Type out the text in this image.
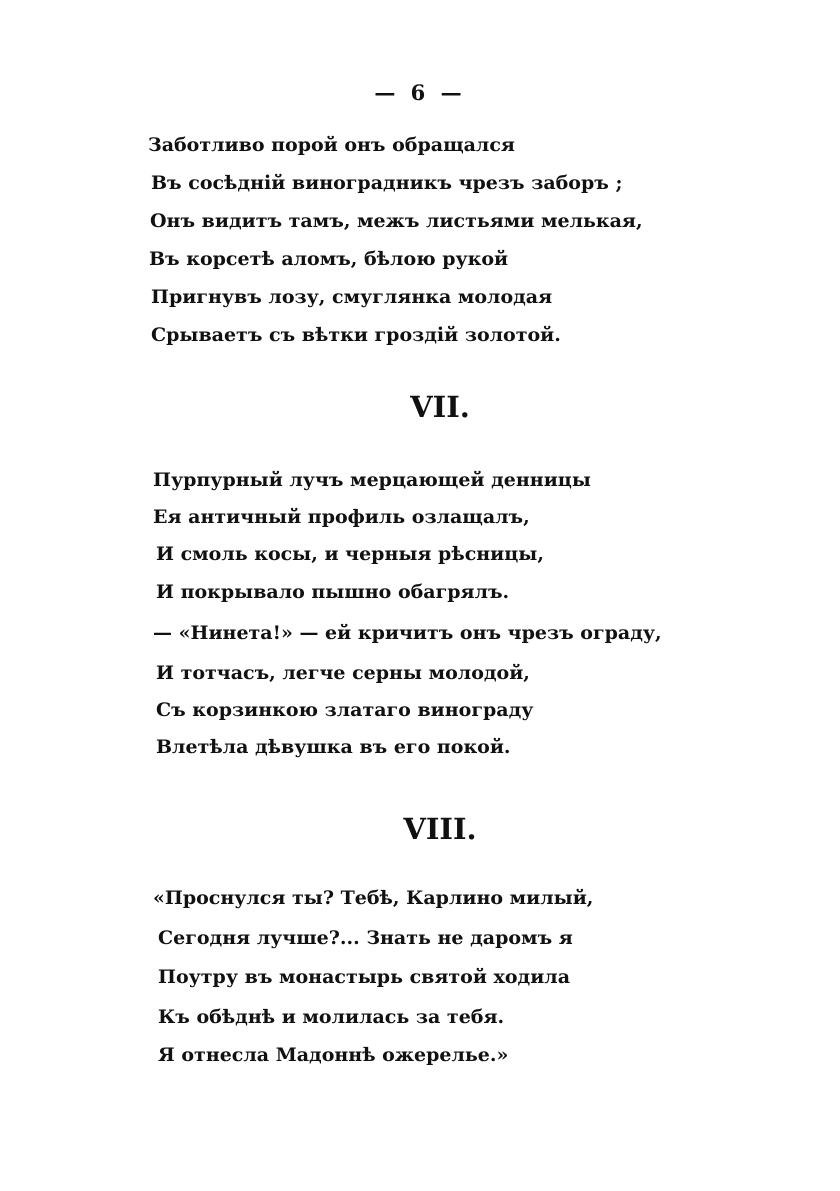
— 6 —
Заботливо порой онъ обращался
Въ сосѣдній виноградникъ чрезъ заборъ ;
Онъ видитъ тамъ, межъ листьями мелькая,
Въ корсетѣ аломъ, бѣлою рукой
Пригнувъ лозу, смуглянка молодая
Срываетъ съ вѣтки гроздій золотой.
VII.
Пурпурный лучъ мерцающей денницы
Ея античный профиль озлащалъ,
И смоль косы, и черныя рѣсницы,
И покрывало пышно обагрялъ.
— «Нинета!» — ей кричитъ онъ чрезъ ограду,
И тотчасъ, легче серны молодой,
Съ корзинкою златаго винограду
Влетѣла дѣвушка въ его покой.
VIII.
«Проснулся ты? Тебѣ, Карлино милый,
Сегодня лучше?... Знать не даромъ я
Поутру въ монастырь святой ходила
Къ обѣднѣ и молилась за тебя.
Я отнесла Мадоннѣ ожерелье.»
